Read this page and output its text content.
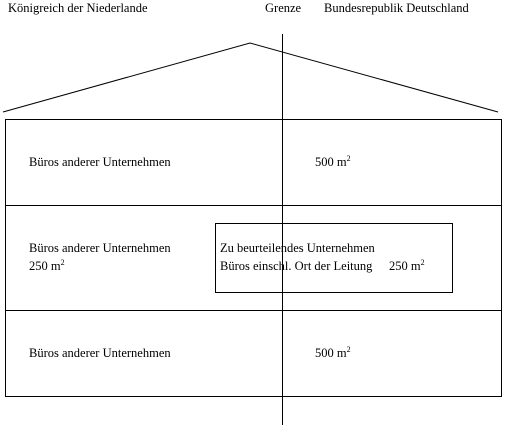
Königreich der Niederlande	Grenze Bundesrepublik Deutschland
Büros anderer Unternehmen	500 $m^2$
Büros anderer Unternehmen
250 $m^2$
Zu beurteilendes Unternehmen
Büros einschl. Ort der Leitung 250 $m^2$
Büros anderer Unternehmen	500 $m^2$
